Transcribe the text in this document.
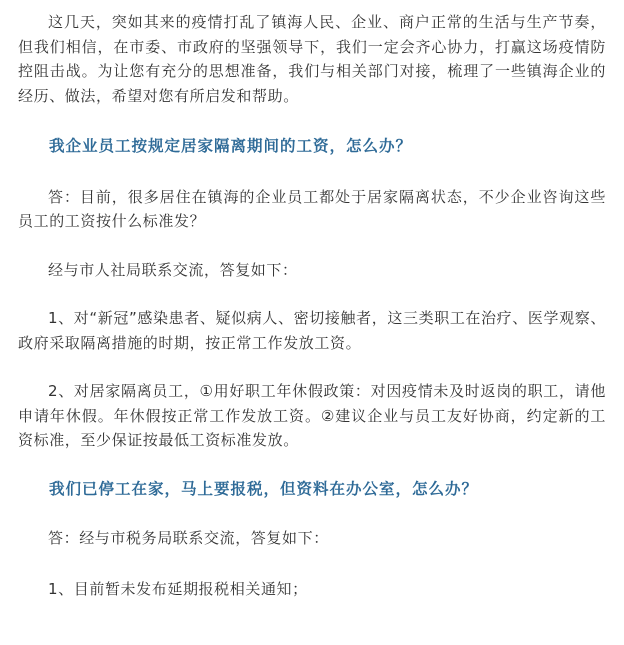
这几天，突如其来的疫情打乱了镇海人民、企业、商户正常的生活与生产节奏，但我们相信，在市委、市政府的坚强领导下，我们一定会齐心协力，打赢这场疫情防控阻击战。为让您有充分的思想准备，我们与相关部门对接，梳理了一些镇海企业的经历、做法，希望对您有所启发和帮助。

我企业员工按规定居家隔离期间的工资，怎么办？

答：目前，很多居住在镇海的企业员工都处于居家隔离状态，不少企业咨询这些员工的工资按什么标准发？

经与市人社局联系交流，答复如下：

1、对“新冠”感染患者、疑似病人、密切接触者，这三类职工在治疗、医学观察、政府采取隔离措施的时期，按正常工作发放工资。

2、对居家隔离员工，①用好职工年休假政策：对因疫情未及时返岗的职工，请他申请年休假。年休假按正常工作发放工资。②建议企业与员工友好协商，约定新的工资标准，至少保证按最低工资标准发放。

我们已停工在家，马上要报税，但资料在办公室，怎么办？

答：经与市税务局联系交流，答复如下：

1、目前暂未发布延期报税相关通知；
